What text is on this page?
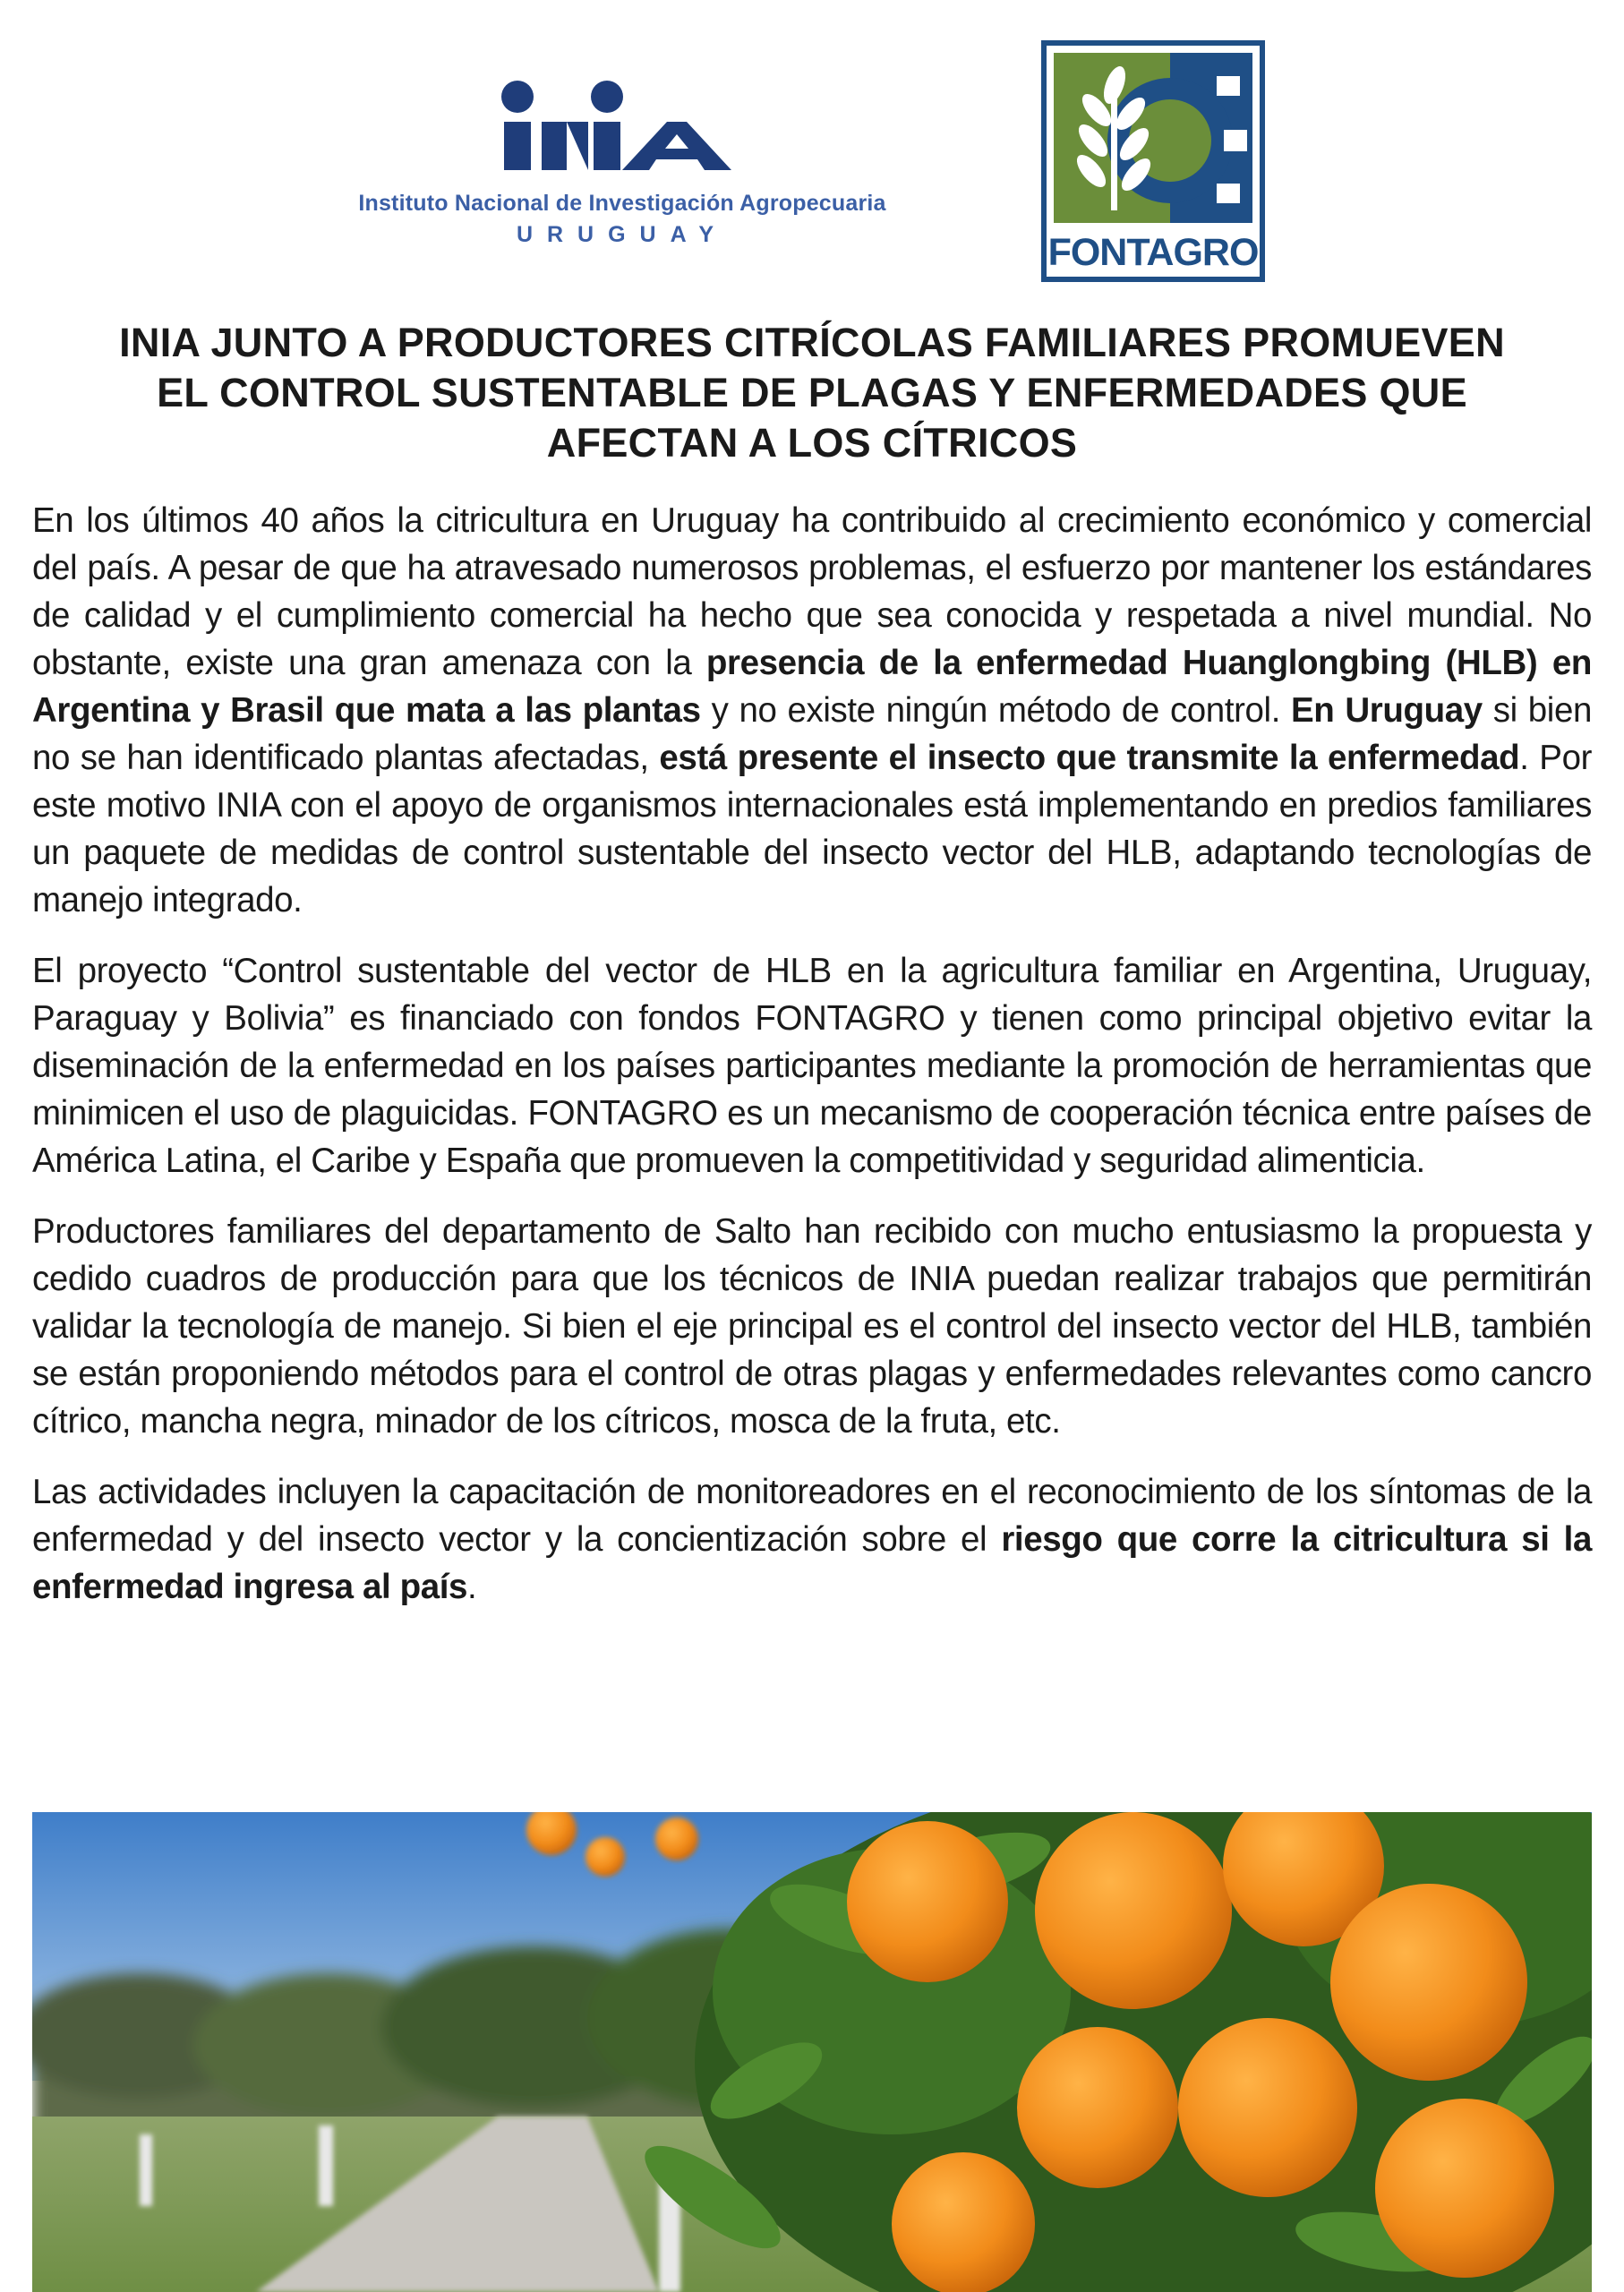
Instituto Nacional de Investigación Agropecuaria
URUGUAY	FONTAGRO
INIA JUNTO A PRODUCTORES CITRÍCOLAS FAMILIARES PROMUEVEN
EL CONTROL SUSTENTABLE DE PLAGAS Y ENFERMEDADES QUE
AFECTAN A LOS CÍTRICOS

En los últimos 40 años la citricultura en Uruguay ha contribuido al crecimiento económico y comercial del país. A pesar de que ha atravesado numerosos problemas, el esfuerzo por mantener los estándares de calidad y el cumplimiento comercial ha hecho que sea conocida y respetada a nivel mundial. No obstante, existe una gran amenaza con la presencia de la enfermedad Huanglongbing (HLB) en Argentina y Brasil que mata a las plantas y no existe ningún método de control. En Uruguay si bien no se han identificado plantas afectadas, está presente el insecto que transmite la enfermedad. Por este motivo INIA con el apoyo de organismos internacionales está implementando en predios familiares un paquete de medidas de control sustentable del insecto vector del HLB, adaptando tecnologías de manejo integrado.

El proyecto “Control sustentable del vector de HLB en la agricultura familiar en Argentina, Uruguay, Paraguay y Bolivia” es financiado con fondos FONTAGRO y tienen como principal objetivo evitar la diseminación de la enfermedad en los países participantes mediante la promoción de herramientas que minimicen el uso de plaguicidas. FONTAGRO es un mecanismo de cooperación técnica entre países de América Latina, el Caribe y España que promueven la competitividad y seguridad alimenticia.

Productores familiares del departamento de Salto han recibido con mucho entusiasmo la propuesta y cedido cuadros de producción para que los técnicos de INIA puedan realizar trabajos que permitirán validar la tecnología de manejo. Si bien el eje principal es el control del insecto vector del HLB, también se están proponiendo métodos para el control de otras plagas y enfermedades relevantes como cancro cítrico, mancha negra, minador de los cítricos, mosca de la fruta, etc.

Las actividades incluyen la capacitación de monitoreadores en el reconocimiento de los síntomas de la enfermedad y del insecto vector y la concientización sobre el riesgo que corre la citricultura si la enfermedad ingresa al país.
